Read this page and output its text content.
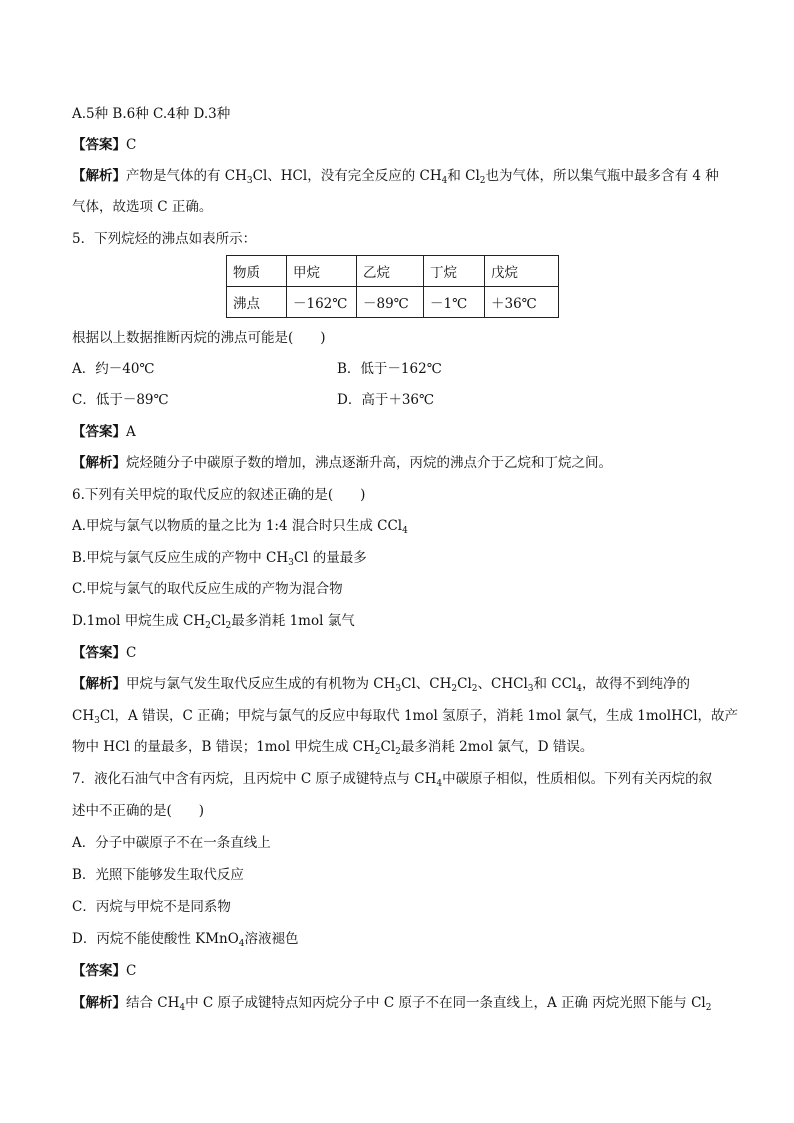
A.5种 B.6种 C.4种 D.3种
【答案】C
【解析】产物是气体的有 $CH_3Cl$、HCl，没有完全反应的 $CH_4$和 $Cl_2$也为气体，所以集气瓶中最多含有 4 种
气体，故选项 C 正确。
5．下列烷烃的沸点如表所示：
物质	甲烷	乙烷	丁烷	戊烷
沸点	－162℃	－89℃	－1℃	＋36℃
根据以上数据推断丙烷的沸点可能是(　　)
A．约－40℃	B．低于－162℃
C．低于－89℃	D．高于＋36℃
【答案】A
【解析】烷烃随分子中碳原子数的增加，沸点逐渐升高，丙烷的沸点介于乙烷和丁烷之间。
6.下列有关甲烷的取代反应的叙述正确的是(　　)
A.甲烷与氯气以物质的量之比为 1:4 混合时只生成 CCl$_4$
B.甲烷与氯气反应生成的产物中 $CH_3Cl$ 的量最多
C.甲烷与氯气的取代反应生成的产物为混合物
D.1mol 甲烷生成 $CH_2Cl_2$最多消耗 1mol 氯气
【答案】C
【解析】甲烷与氯气发生取代反应生成的有机物为 $CH_3Cl$、$CH_2Cl_2$、CHCl$_3$和 CCl$_4$，故得不到纯净的
$CH_3Cl$，A 错误，C 正确；甲烷与氯气的反应中每取代 1mol 氢原子，消耗 1mol 氯气，生成 1molHCl，故产
物中 HCl 的量最多，B 错误；1mol 甲烷生成 $CH_2Cl_2$最多消耗 2mol 氯气，D 错误。
7．液化石油气中含有丙烷，且丙烷中 C 原子成键特点与 $CH_4$中碳原子相似，性质相似。下列有关丙烷的叙
述中不正确的是(　　)
A．分子中碳原子不在一条直线上
B．光照下能够发生取代反应
C．丙烷与甲烷不是同系物
D．丙烷不能使酸性 KMnO$_4$溶液褪色
【答案】C
【解析】结合 $CH_4$中 C 原子成键特点知丙烷分子中 C 原子不在同一条直线上，A 正确 丙烷光照下能与 $Cl_2$
